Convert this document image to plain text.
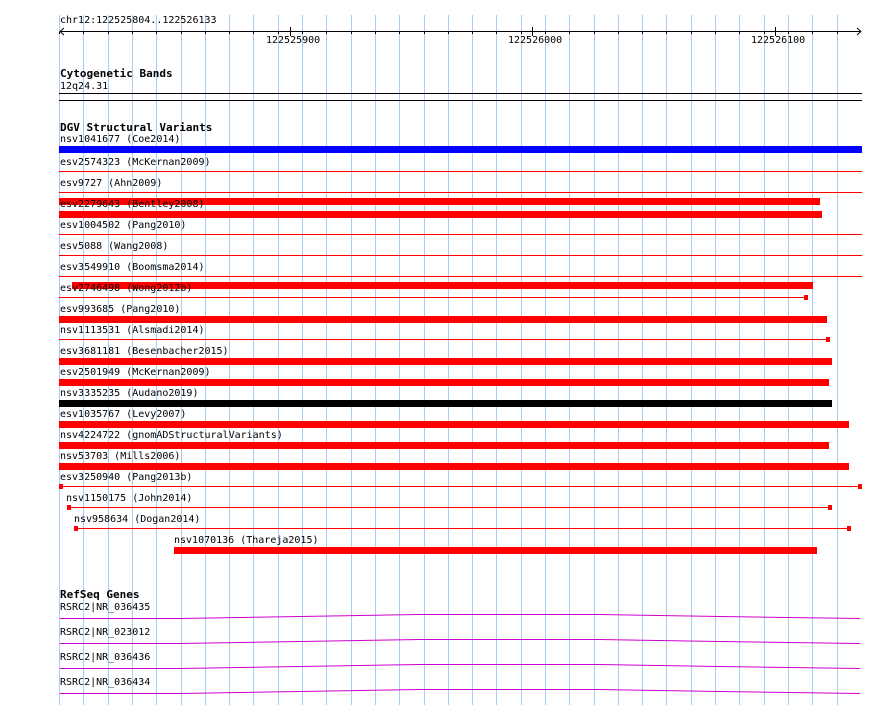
chr12:122525804..122526133
122525900	122526000	122526100
Cytogenetic Bands
12q24.31
DGV Structural Variants
nsv1041677 (Coe2014)
esv2574323 (McKernan2009)
esv9727 (Ahn2009)
esv2279643 (Bentley2008)
esv1004502 (Pang2010)
esv5088 (Wang2008)
esv3549910 (Boomsma2014)
esv2746498 (Wong2012b)
esv993685 (Pang2010)
nsv1113531 (Alsmadi2014)
esv3681181 (Besenbacher2015)
esv2501949 (McKernan2009)
nsv3335235 (Audano2019)
esv1035767 (Levy2007)
nsv4224722 (gnomADStructuralVariants)
nsv53703 (Mills2006)
esv3250940 (Pang2013b)
nsv1150175 (John2014)
nsv958634 (Dogan2014)
nsv1070136 (Thareja2015)
RefSeq Genes
RSRC2|NR_036435
RSRC2|NR_023012
RSRC2|NR_036436
RSRC2|NR_036434
